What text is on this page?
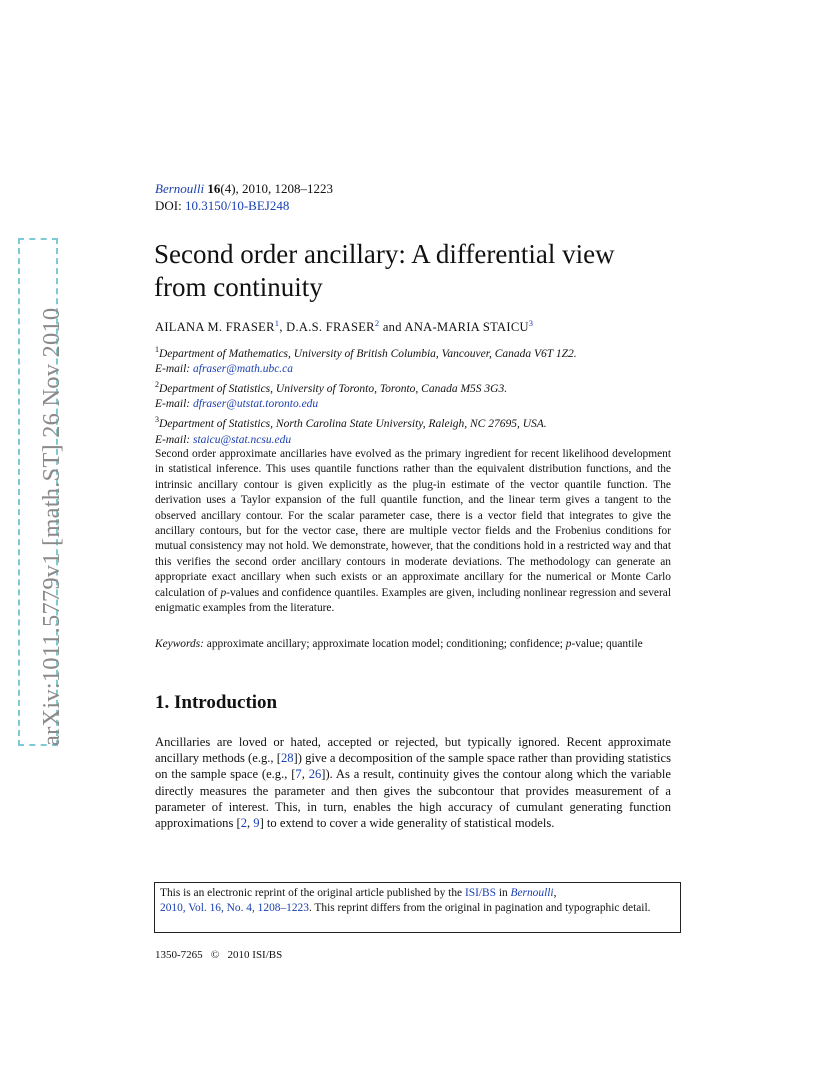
arXiv:1011.5779v1 [math.ST] 26 Nov 2010
Bernoulli 16(4), 2010, 1208–1223
DOI: 10.3150/10-BEJ248
Second order ancillary: A differential view
from continuity
AILANA M. FRASER$^1$, D.A.S. FRASER$^2$ and ANA-MARIA STAICU$^3$
$^1$Department of Mathematics, University of British Columbia, Vancouver, Canada V6T 1Z2.
E-mail: afraser@math.ubc.ca
$^2$Department of Statistics, University of Toronto, Toronto, Canada M5S 3G3.
E-mail: dfraser@utstat.toronto.edu
$^3$Department of Statistics, North Carolina State University, Raleigh, NC 27695, USA.
E-mail: staicu@stat.ncsu.edu

Second order approximate ancillaries have evolved as the primary ingredient for recent likelihood development in statistical inference. This uses quantile functions rather than the equivalent distribution functions, and the intrinsic ancillary contour is given explicitly as the plug-in estimate of the vector quantile function. The derivation uses a Taylor expansion of the full quantile function, and the linear term gives a tangent to the observed ancillary contour. For the scalar parameter case, there is a vector field that integrates to give the ancillary contours, but for the vector case, there are multiple vector fields and the Frobenius conditions for mutual consistency may not hold. We demonstrate, however, that the conditions hold in a restricted way and that this verifies the second order ancillary contours in moderate deviations. The methodology can generate an appropriate exact ancillary when such exists or an approximate ancillary for the numerical or Monte Carlo calculation of p-values and confidence quantiles. Examples are given, including nonlinear regression and several enigmatic examples from the literature.

Keywords: approximate ancillary; approximate location model; conditioning; confidence; p-value; quantile

1. Introduction

Ancillaries are loved or hated, accepted or rejected, but typically ignored. Recent approximate ancillary methods (e.g., [28]) give a decomposition of the sample space rather than providing statistics on the sample space (e.g., [7, 26]). As a result, continuity gives the contour along which the variable directly measures the parameter and then gives the subcontour that provides measurement of a parameter of interest. This, in turn, enables the high accuracy of cumulant generating function approximations [2, 9] to extend to cover a wide generality of statistical models.

This is an electronic reprint of the original article published by the ISI/BS in Bernoulli,
2010, Vol. 16, No. 4, 1208–1223. This reprint differs from the original in pagination and typographic detail.
1350-7265 © 2010 ISI/BS
